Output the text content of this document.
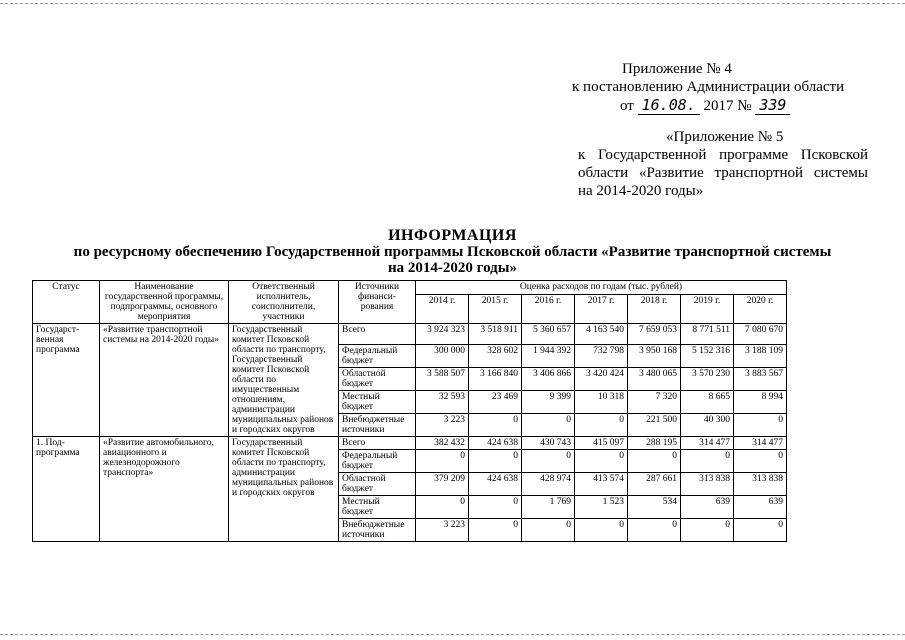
Приложение № 4
к постановлению Администрации области
от 16.08. 2017 № 339
«Приложение № 5
к Государственной программе Псковской
области «Развитие транспортной системы
на 2014-2020 годы»
ИНФОРМАЦИЯ
по ресурсному обеспечению Государственной программы Псковской области «Развитие транспортной системы
на 2014-2020 годы»
Статус	Наименование государственной программы, подпрограммы, основного мероприятия	Ответственный исполнитель, соисполнители, участники	Источники финанси-рования	Оценка расходов по годам (тыс. рублей)						
				2014 г.	2015 г.	2016 г.	2017 г.	2018 г.	2019 г.	2020 г.
Государст-венная программа	«Развитие транспортной системы на 2014-2020 годы»	Государственный комитет Псковской области по транспорту, Государственный комитет Псковской области по имущественным отношениям, администрации муниципальных районов и городских округов	Всего	3 924 323	3 518 911	5 360 657	4 163 540	7 659 053	8 771 511	7 080 670
			Федеральный бюджет	300 000	328 602	1 944 392	732 798	3 950 168	5 152 316	3 188 109
			Областной бюджет	3 588 507	3 166 840	3 406 866	3 420 424	3 480 065	3 570 230	3 883 567
			Местный бюджет	32 593	23 469	9 399	10 318	7 320	8 665	8 994
			Внебюджетные источники	3 223	0	0	0	221 500	40 300	0
1. Под-программа	«Развитие автомобильного, авиационного и железнодорожного транспорта»	Государственный комитет Псковской области по транспорту, администрации муниципальных районов и городских округов	Всего	382 432	424 638	430 743	415 097	288 195	314 477	314 477
			Федеральный бюджет	0	0	0	0	0	0	0
			Областной бюджет	379 209	424 638	428 974	413 574	287 661	313 838	313 838
			Местный бюджет	0	0	1 769	1 523	534	639	639
			Внебюджетные источники	3 223	0	0	0	0	0	0
